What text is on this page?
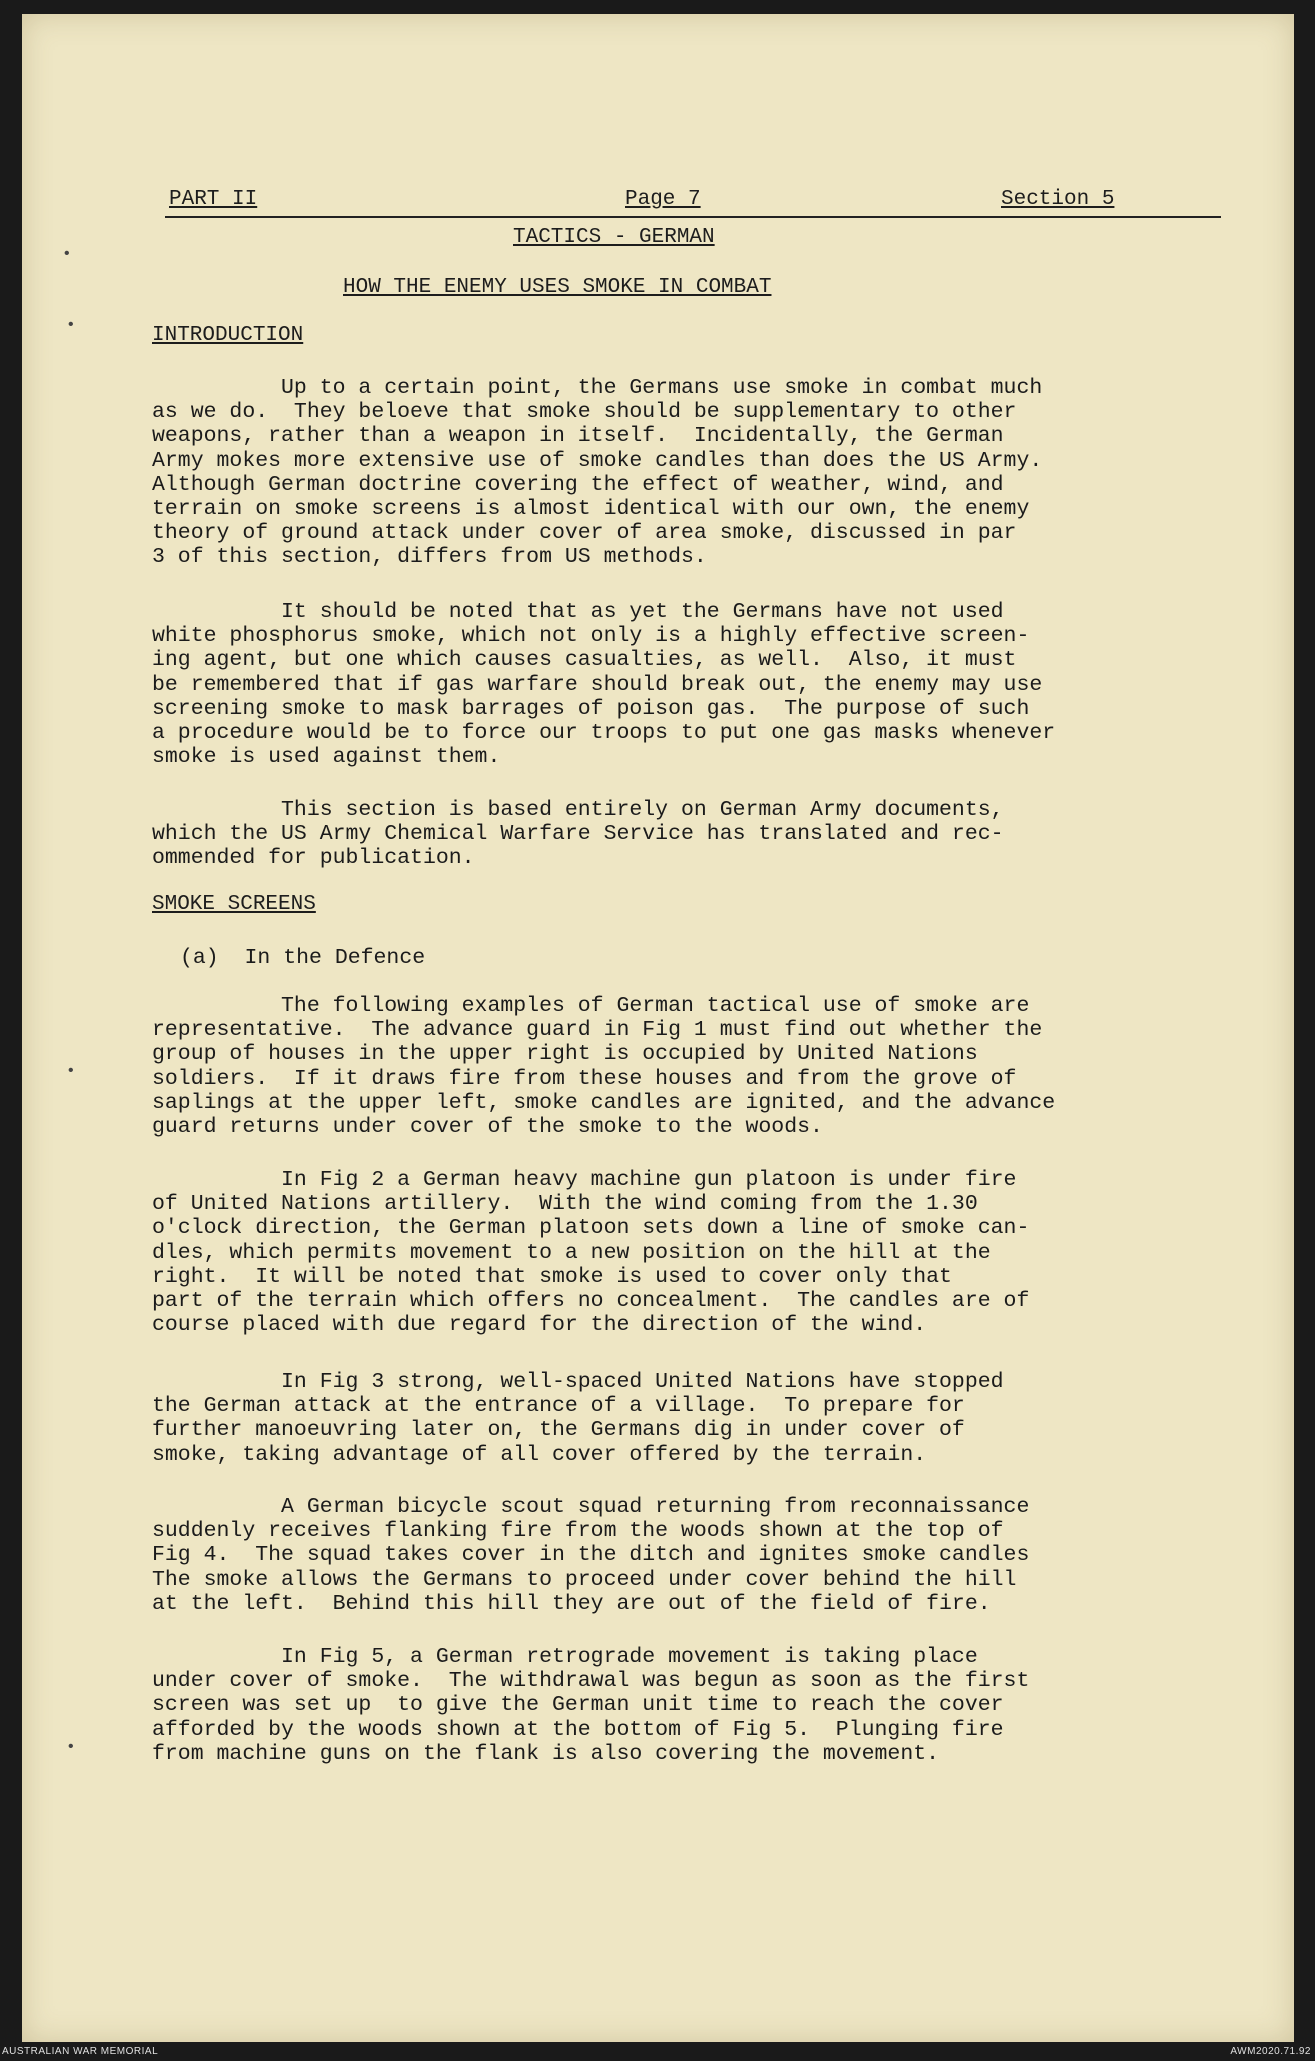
PART II	Page 7	Section 5
TACTICS - GERMAN
HOW THE ENEMY USES SMOKE IN COMBAT
INTRODUCTION
Up to a certain point, the Germans use smoke in combat much
as we do.  They beloeve that smoke should be supplementary to other
weapons, rather than a weapon in itself.  Incidentally, the German
Army mokes more extensive use of smoke candles than does the US Army.
Although German doctrine covering the effect of weather, wind, and
terrain on smoke screens is almost identical with our own, the enemy
theory of ground attack under cover of area smoke, discussed in par
3 of this section, differs from US methods.
It should be noted that as yet the Germans have not used
white phosphorus smoke, which not only is a highly effective screen-
ing agent, but one which causes casualties, as well.  Also, it must
be remembered that if gas warfare should break out, the enemy may use
screening smoke to mask barrages of poison gas.  The purpose of such
a procedure would be to force our troops to put one gas masks whenever
smoke is used against them.
This section is based entirely on German Army documents,
which the US Army Chemical Warfare Service has translated and rec-
ommended for publication.
SMOKE SCREENS
(a)  In the Defence
The following examples of German tactical use of smoke are
representative.  The advance guard in Fig 1 must find out whether the
group of houses in the upper right is occupied by United Nations
soldiers.  If it draws fire from these houses and from the grove of
saplings at the upper left, smoke candles are ignited, and the advance
guard returns under cover of the smoke to the woods.
In Fig 2 a German heavy machine gun platoon is under fire
of United Nations artillery.  With the wind coming from the 1.30
o'clock direction, the German platoon sets down a line of smoke can-
dles, which permits movement to a new position on the hill at the
right.  It will be noted that smoke is used to cover only that
part of the terrain which offers no concealment.  The candles are of
course placed with due regard for the direction of the wind.
In Fig 3 strong, well-spaced United Nations have stopped
the German attack at the entrance of a village.  To prepare for
further manoeuvring later on, the Germans dig in under cover of
smoke, taking advantage of all cover offered by the terrain.
A German bicycle scout squad returning from reconnaissance
suddenly receives flanking fire from the woods shown at the top of
Fig 4.  The squad takes cover in the ditch and ignites smoke candles
The smoke allows the Germans to proceed under cover behind the hill
at the left.  Behind this hill they are out of the field of fire.
In Fig 5, a German retrograde movement is taking place
under cover of smoke.  The withdrawal was begun as soon as the first
screen was set up  to give the German unit time to reach the cover
afforded by the woods shown at the bottom of Fig 5.  Plunging fire
from machine guns on the flank is also covering the movement.
•
•
•
•
AUSTRALIAN WAR MEMORIAL	AWM2020.71.92
